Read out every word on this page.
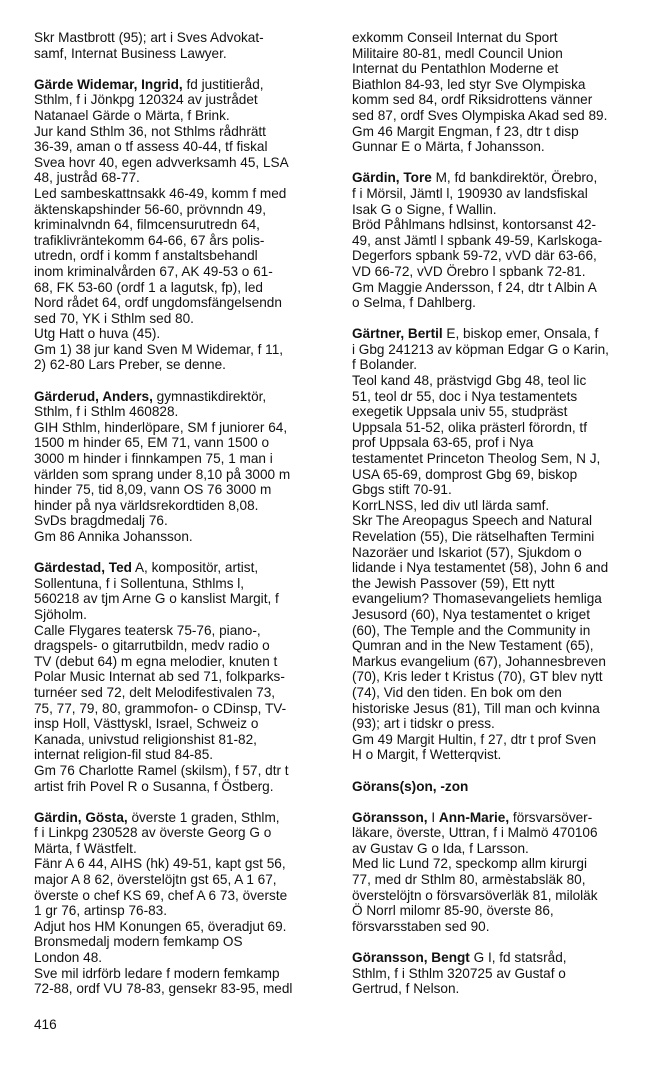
Skr Mastbrott (95); art i Sves Advokat-
samf, Internat Business Lawyer.
Gärde Widemar, Ingrid, fd justitieråd,
Sthlm, f i Jönkpg 120324 av justrådet
Natanael Gärde o Märta, f Brink.
Jur kand Sthlm 36, not Sthlms rådhrätt
36-39, aman o tf assess 40-44, tf fiskal
Svea hovr 40, egen advverksamh 45, LSA
48, justråd 68-77.
Led sambeskattnsakk 46-49, komm f med
äktenskapshinder 56-60, prövnndn 49,
kriminalvndn 64, filmcensurutredn 64,
trafiklivräntekomm 64-66, 67 års polis-
utredn, ordf i komm f anstaltsbehandl
inom kriminalvården 67, AK 49-53 o 61-
68, FK 53-60 (ordf 1 a lagutsk, fp), led
Nord rådet 64, ordf ungdomsfängelsendn
sed 70, YK i Sthlm sed 80.
Utg Hatt o huva (45).
Gm 1) 38 jur kand Sven M Widemar, f 11,
2) 62-80 Lars Preber, se denne.
Gärderud, Anders, gymnastikdirektör,
Sthlm, f i Sthlm 460828.
GIH Sthlm, hinderlöpare, SM f juniorer 64,
1500 m hinder 65, EM 71, vann 1500 o
3000 m hinder i finnkampen 75, 1 man i
världen som sprang under 8,10 på 3000 m
hinder 75, tid 8,09, vann OS 76 3000 m
hinder på nya världsrekordtiden 8,08.
SvDs bragdmedalj 76.
Gm 86 Annika Johansson.
Gärdestad, Ted A, kompositör, artist,
Sollentuna, f i Sollentuna, Sthlms l,
560218 av tjm Arne G o kanslist Margit, f
Sjöholm.
Calle Flygares teatersk 75-76, piano-,
dragspels- o gitarrutbildn, medv radio o
TV (debut 64) m egna melodier, knuten t
Polar Music Internat ab sed 71, folkparks-
turnéer sed 72, delt Melodifestivalen 73,
75, 77, 79, 80, grammofon- o CDinsp, TV-
insp Holl, Västtyskl, Israel, Schweiz o
Kanada, univstud religionshist 81-82,
internat religion-fil stud 84-85.
Gm 76 Charlotte Ramel (skilsm), f 57, dtr t
artist frih Povel R o Susanna, f Östberg.
Gärdin, Gösta, överste 1 graden, Sthlm,
f i Linkpg 230528 av överste Georg G o
Märta, f Wästfelt.
Fänr A 6 44, AIHS (hk) 49-51, kapt gst 56,
major A 8 62, överstelöjtn gst 65, A 1 67,
överste o chef KS 69, chef A 6 73, överste
1 gr 76, artinsp 76-83.
Adjut hos HM Konungen 65, överadjut 69.
Bronsmedalj modern femkamp OS
London 48.
Sve mil idrförb ledare f modern femkamp
72-88, ordf VU 78-83, gensekr 83-95, medl
exkomm Conseil Internat du Sport
Militaire 80-81, medl Council Union
Internat du Pentathlon Moderne et
Biathlon 84-93, led styr Sve Olympiska
komm sed 84, ordf Riksidrottens vänner
sed 87, ordf Sves Olympiska Akad sed 89.
Gm 46 Margit Engman, f 23, dtr t disp
Gunnar E o Märta, f Johansson.
Gärdin, Tore M, fd bankdirektör, Örebro,
f i Mörsil, Jämtl l, 190930 av landsfiskal
Isak G o Signe, f Wallin.
Bröd Påhlmans hdlsinst, kontorsanst 42-
49, anst Jämtl l spbank 49-59, Karlskoga-
Degerfors spbank 59-72, vVD där 63-66,
VD 66-72, vVD Örebro l spbank 72-81.
Gm Maggie Andersson, f 24, dtr t Albin A
o Selma, f Dahlberg.
Gärtner, Bertil E, biskop emer, Onsala, f
i Gbg 241213 av köpman Edgar G o Karin,
f Bolander.
Teol kand 48, prästvigd Gbg 48, teol lic
51, teol dr 55, doc i Nya testamentets
exegetik Uppsala univ 55, studpräst
Uppsala 51-52, olika prästerl förordn, tf
prof Uppsala 63-65, prof i Nya
testamentet Princeton Theolog Sem, N J,
USA 65-69, domprost Gbg 69, biskop
Gbgs stift 70-91.
KorrLNSS, led div utl lärda samf.
Skr The Areopagus Speech and Natural
Revelation (55), Die rätselhaften Termini
Nazoräer und Iskariot (57), Sjukdom o
lidande i Nya testamentet (58), John 6 and
the Jewish Passover (59), Ett nytt
evangelium? Thomasevangeliets hemliga
Jesusord (60), Nya testamentet o kriget
(60), The Temple and the Community in
Qumran and in the New Testament (65),
Markus evangelium (67), Johannesbreven
(70), Kris leder t Kristus (70), GT blev nytt
(74), Vid den tiden. En bok om den
historiske Jesus (81), Till man och kvinna
(93); art i tidskr o press.
Gm 49 Margit Hultin, f 27, dtr t prof Sven
H o Margit, f Wetterqvist.
Görans(s)on, -zon
Göransson, I Ann-Marie, försvarsöver-
läkare, överste, Uttran, f i Malmö 470106
av Gustav G o Ida, f Larsson.
Med lic Lund 72, speckomp allm kirurgi
77, med dr Sthlm 80, armèstabsläk 80,
överstelöjtn o försvarsöverläk 81, miloläk
Ö Norrl milomr 85-90, överste 86,
försvarsstaben sed 90.
Göransson, Bengt G I, fd statsråd,
Sthlm, f i Sthlm 320725 av Gustaf o
Gertrud, f Nelson.
416
